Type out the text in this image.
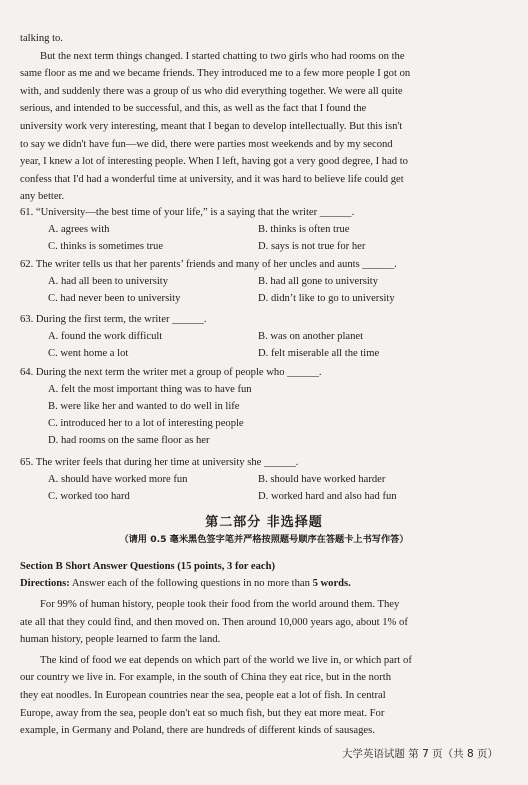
talking to.
But the next term things changed. I started chatting to two girls who had rooms on the
same floor as me and we became friends. They introduced me to a few more people I got on
with, and suddenly there was a group of us who did everything together. We were all quite
serious, and intended to be successful, and this, as well as the fact that I found the
university work very interesting, meant that I began to develop intellectually. But this isn't
to say we didn't have fun—we did, there were parties most weekends and by my second
year, I knew a lot of interesting people. When I left, having got a very good degree, I had to
confess that I'd had a wonderful time at university, and it was hard to believe life could get
any better.
61. “University—the best time of your life,” is a saying that the writer ______.
A. agrees with	B. thinks is often true
C. thinks is sometimes true	D. says is not true for her
62. The writer tells us that her parents’ friends and many of her uncles and aunts ______.
A. had all been to university	B. had all gone to university
C. had never been to university	D. didn’t like to go to university
63. During the first term, the writer ______.
A. found the work difficult	B. was on another planet
C. went home a lot	D. felt miserable all the time
64. During the next term the writer met a group of people who ______.
A. felt the most important thing was to have fun
B. were like her and wanted to do well in life
C. introduced her to a lot of interesting people
D. had rooms on the same floor as her
65. The writer feels that during her time at university she ______.
A. should have worked more fun	B. should have worked harder
C. worked too hard	D. worked hard and also had fun
第二部分 非选择题
（请用 0.5 毫米黑色签字笔并严格按照题号顺序在答题卡上书写作答）
Section B Short Answer Questions (15 points, 3 for each)
Directions: Answer each of the following questions in no more than 5 words.
For 99% of human history, people took their food from the world around them. They
ate all that they could find, and then moved on. Then around 10,000 years ago, about 1% of
human history, people learned to farm the land.
The kind of food we eat depends on which part of the world we live in, or which part of
our country we live in. For example, in the south of China they eat rice, but in the north
they eat noodles. In European countries near the sea, people eat a lot of fish. In central
Europe, away from the sea, people don't eat so much fish, but they eat more meat. For
example, in Germany and Poland, there are hundreds of different kinds of sausages.
大学英语试题 第 7 页（共 8 页）
